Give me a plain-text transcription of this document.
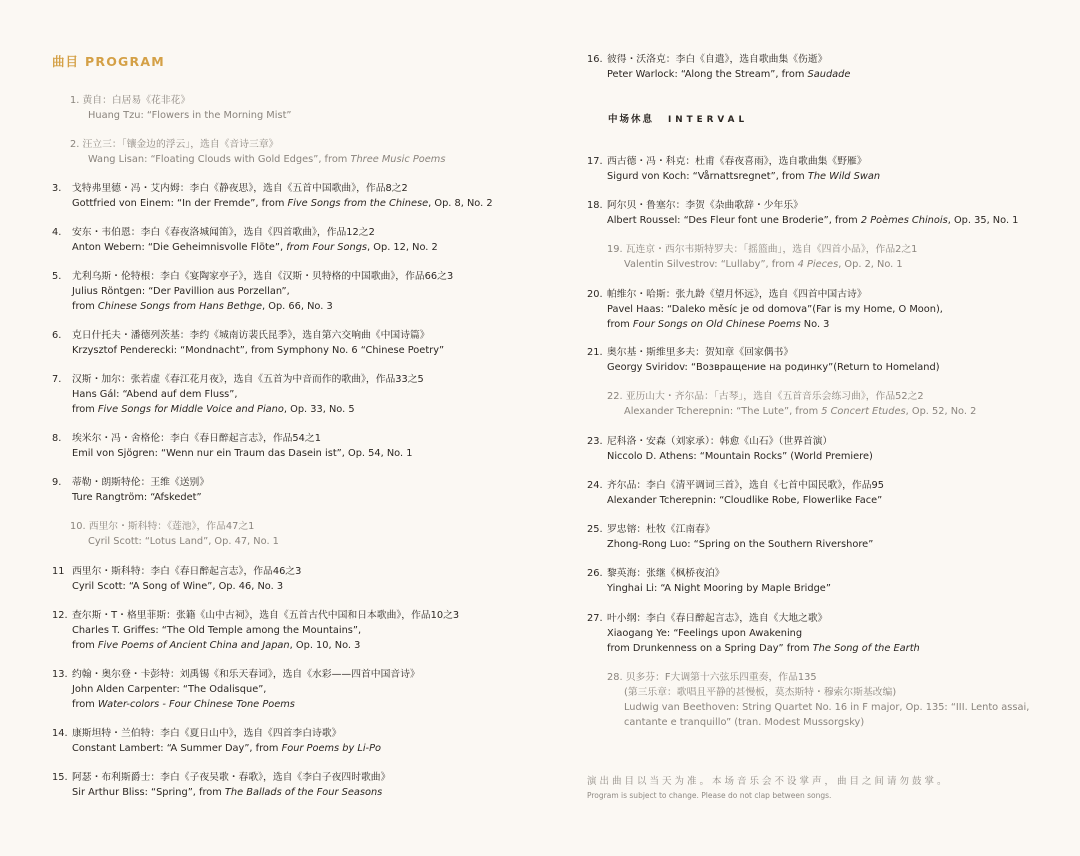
曲目 PROGRAM
1. 黄自：白居易《花非花》
Huang Tzu: “Flowers in the Morning Mist”
2. 汪立三：「镶金边的浮云」，选自《音诗三章》
Wang Lisan: “Floating Clouds with Gold Edges”, from Three Music Poems
3. 戈特弗里德・冯・艾内姆：李白《静夜思》，选自《五首中国歌曲》，作品8之2
Gottfried von Einem: “In der Fremde”, from Five Songs from the Chinese, Op. 8, No. 2
4. 安东・韦伯恩：李白《春夜洛城闻笛》，选自《四首歌曲》，作品12之2
Anton Webern: “Die Geheimnisvolle Flöte”, from Four Songs, Op. 12, No. 2
5. 尤利乌斯・伦特根：李白《宴陶家亭子》，选自《汉斯・贝特格的中国歌曲》，作品66之3
Julius Röntgen: “Der Pavillion aus Porzellan”,
from Chinese Songs from Hans Bethge, Op. 66, No. 3
6. 克日什托夫・潘德列茨基：李约《城南访裴氏昆季》，选自第六交响曲《中国诗篇》
Krzysztof Penderecki: “Mondnacht”, from Symphony No. 6 “Chinese Poetry”
7. 汉斯・加尔：张若虚《春江花月夜》，选自《五首为中音而作的歌曲》，作品33之5
Hans Gál: “Abend auf dem Fluss”,
from Five Songs for Middle Voice and Piano, Op. 33, No. 5
8. 埃米尔・冯・舍格伦：李白《春日醉起言志》，作品54之1
Emil von Sjögren: “Wenn nur ein Traum das Dasein ist”, Op. 54, No. 1
9. 蒂勒・朗斯特伦：王维《送别》
Ture Rangtröm: “Afskedet”
10. 西里尔・斯科特：《莲池》，作品47之1
Cyril Scott: “Lotus Land”, Op. 47, No. 1
11 西里尔・斯科特：李白《春日醉起言志》，作品46之3
Cyril Scott: “A Song of Wine”, Op. 46, No. 3
12. 查尔斯・T・格里菲斯：张籍《山中古祠》，选自《五首古代中国和日本歌曲》，作品10之3
Charles T. Griffes: “The Old Temple among the Mountains”,
from Five Poems of Ancient China and Japan, Op. 10, No. 3
13. 约翰・奥尔登・卡彭特：刘禹锡《和乐天春词》，选自《水彩——四首中国音诗》
John Alden Carpenter: “The Odalisque”,
from Water-colors - Four Chinese Tone Poems
14. 康斯坦特・兰伯特：李白《夏日山中》，选自《四首李白诗歌》
Constant Lambert: “A Summer Day”, from Four Poems by Li-Po
15. 阿瑟・布利斯爵士：李白《子夜吴歌・春歌》，选自《李白子夜四时歌曲》
Sir Arthur Bliss: “Spring”, from The Ballads of the Four Seasons
16. 彼得・沃洛克：李白《自遣》，选自歌曲集《伤逝》
Peter Warlock: “Along the Stream”, from Saudade
中场休息 INTERVAL
17. 西古德・冯・科克：杜甫《春夜喜雨》，选自歌曲集《野雁》
Sigurd von Koch: “Vårnattsregnet”, from The Wild Swan
18. 阿尔贝・鲁塞尔：李贺《杂曲歌辞・少年乐》
Albert Roussel: “Des Fleur font une Broderie”, from 2 Poèmes Chinois, Op. 35, No. 1
19. 瓦连京・西尔韦斯特罗夫：「摇篮曲」，选自《四首小品》，作品2之1
Valentin Silvestrov: “Lullaby”, from 4 Pieces, Op. 2, No. 1
20. 帕维尔・哈斯：张九龄《望月怀远》，选自《四首中国古诗》
Pavel Haas: “Daleko měsíc je od domova”(Far is my Home, O Moon),
from Four Songs on Old Chinese Poems No. 3
21. 奥尔基・斯维里多夫：贺知章《回家偶书》
Georgy Sviridov: “Возвращение на родинку”(Return to Homeland)
22. 亚历山大・齐尔品：「古琴」，选自《五首音乐会练习曲》，作品52之2
Alexander Tcherepnin: “The Lute”, from 5 Concert Etudes, Op. 52, No. 2
23. 尼科洛・安森（刘家承）：韩愈《山石》（世界首演）
Niccolo D. Athens: “Mountain Rocks” (World Premiere)
24. 齐尔品：李白《清平调词三首》，选自《七首中国民歌》，作品95
Alexander Tcherepnin: “Cloudlike Robe, Flowerlike Face”
25. 罗忠镕：杜牧《江南春》
Zhong-Rong Luo: “Spring on the Southern Rivershore”
26. 黎英海：张继《枫桥夜泊》
Yinghai Li: “A Night Mooring by Maple Bridge”
27. 叶小纲：李白《春日醉起言志》，选自《大地之歌》
Xiaogang Ye: “Feelings upon Awakening
from Drunkenness on a Spring Day” from The Song of the Earth
28. 贝多芬：F大调第十六弦乐四重奏，作品135
(第三乐章：歌唱且平静的甚慢板，莫杰斯特・穆索尔斯基改编)
Ludwig van Beethoven: String Quartet No. 16 in F major, Op. 135: “III. Lento assai,
cantante e tranquillo” (tran. Modest Mussorgsky)
演出曲目以当天为准。本场音乐会不设掌声，曲目之间请勿鼓掌。
Program is subject to change. Please do not clap between songs.
